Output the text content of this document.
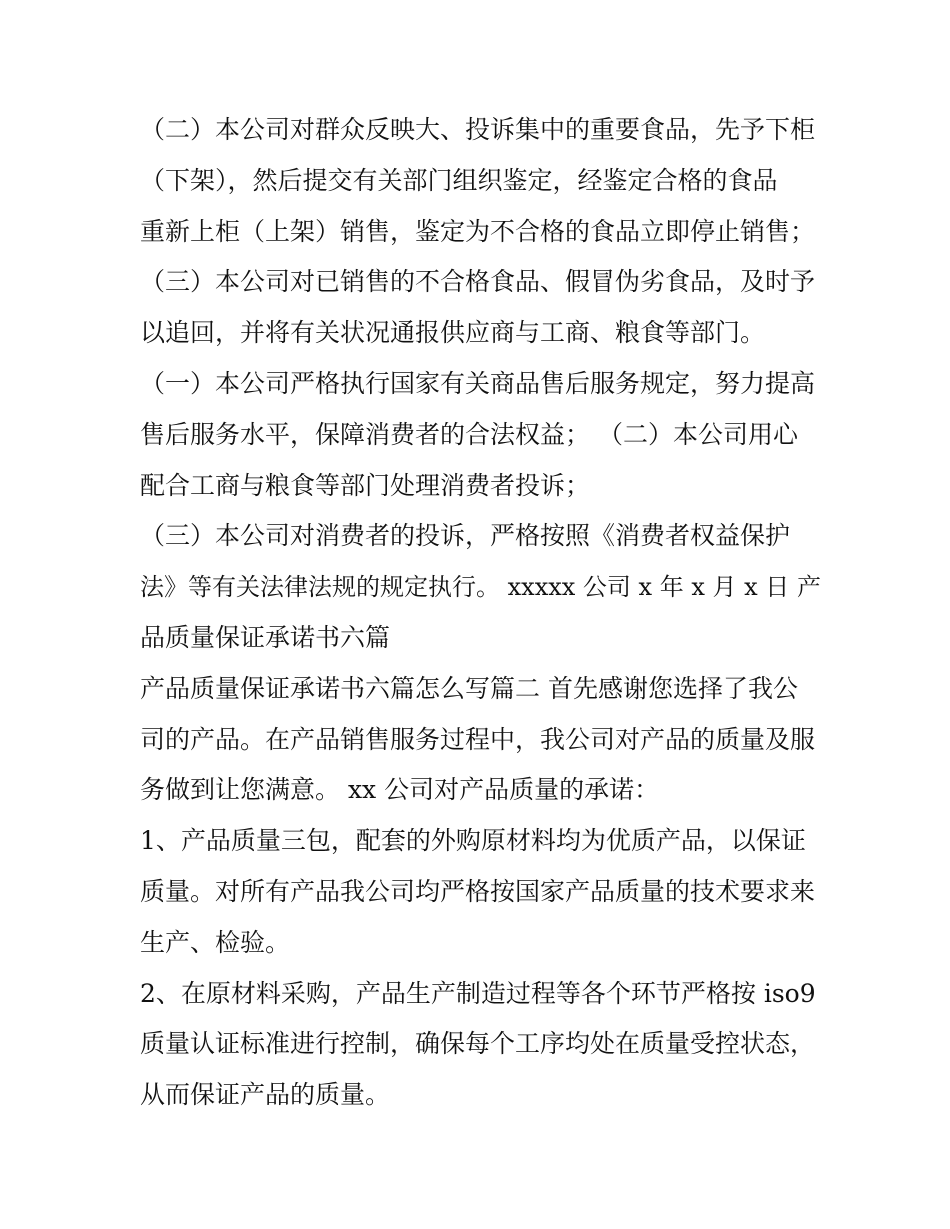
（二）本公司对群众反映大、投诉集中的重要食品，先予下柜
（下架），然后提交有关部门组织鉴定，经鉴定合格的食品
重新上柜（上架）销售，鉴定为不合格的食品立即停止销售；
（三）本公司对已销售的不合格食品、假冒伪劣食品，及时予
以追回，并将有关状况通报供应商与工商、粮食等部门。
（一）本公司严格执行国家有关商品售后服务规定，努力提高
售后服务水平，保障消费者的合法权益； （二）本公司用心
配合工商与粮食等部门处理消费者投诉；
（三）本公司对消费者的投诉，严格按照《消费者权益保护
法》等有关法律法规的规定执行。 xxxxx 公司 x 年 x 月 x 日 产
品质量保证承诺书六篇
产品质量保证承诺书六篇怎么写篇二 首先感谢您选择了我公
司的产品。在产品销售服务过程中，我公司对产品的质量及服
务做到让您满意。 xx 公司对产品质量的承诺：
1、产品质量三包，配套的外购原材料均为优质产品，以保证
质量。对所有产品我公司均严格按国家产品质量的技术要求来
生产、检验。
2、在原材料采购，产品生产制造过程等各个环节严格按 iso9
质量认证标准进行控制，确保每个工序均处在质量受控状态，
从而保证产品的质量。
